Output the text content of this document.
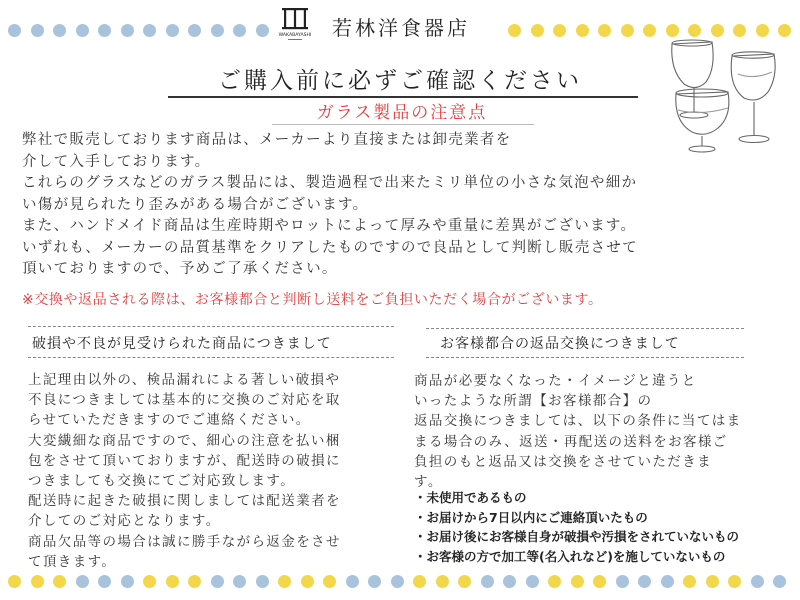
WAKABAYASHI 若林洋食器店
ご購入前に必ずご確認ください
ガラス製品の注意点

弊社で販売しております商品は、メーカーより直接または卸売業者を

介して入手しております。

これらのグラスなどのガラス製品には、製造過程で出来たミリ単位の小さな気泡や細か

い傷が見られたり歪みがある場合がございます。

また、ハンドメイド商品は生産時期やロットによって厚みや重量に差異がございます。

いずれも、メーカーの品質基準をクリアしたものですので良品として判断し販売させて

頂いておりますので、予めご了承ください。

※交換や返品される際は、お客様都合と判断し送料をご負担いただく場合がございます。
破損や不良が見受けられた商品につきまして

上記理由以外の、検品漏れによる著しい破損や

不良につきましては基本的に交換のご対応を取

らせていただきますのでご連絡ください。

大変繊細な商品ですので、細心の注意を払い梱

包をさせて頂いておりますが、配送時の破損に

つきましても交換にてご対応致します。

配送時に起きた破損に関しましては配送業者を

介してのご対応となります。

商品欠品等の場合は誠に勝手ながら返金をさせ

て頂きます。

お客様都合の返品交換につきまして

商品が必要なくなった・イメージと違うと

いったような所謂【お客様都合】の

返品交換につきましては、以下の条件に当てはま

まる場合のみ、返送・再配送の送料をお客様ご

負担のもと返品又は交換をさせていただきま

す。

・未使用であるもの

・お届けから7日以内にご連絡頂いたもの

・お届け後にお客様自身が破損や汚損をされていないもの

・お客様の方で加工等(名入れなど)を施していないもの
